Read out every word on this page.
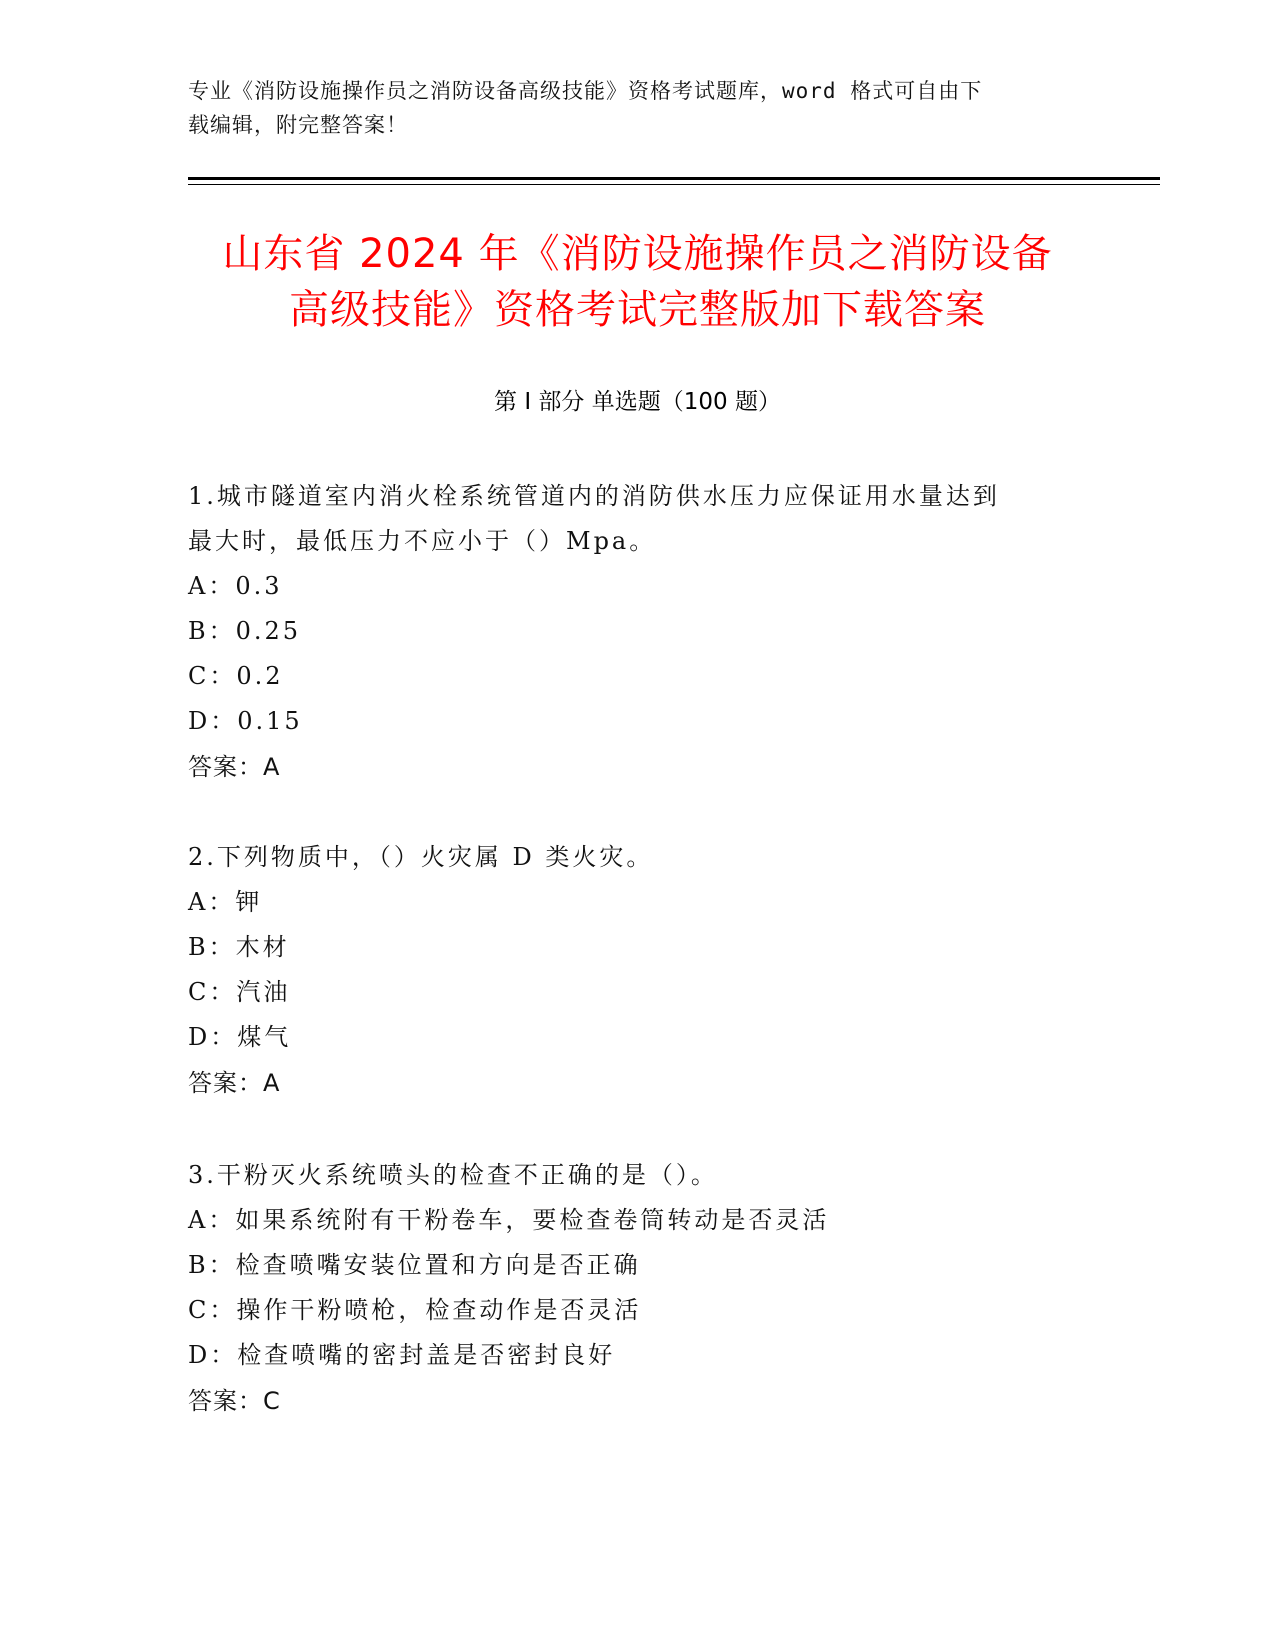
专业《消防设施操作员之消防设备高级技能》资格考试题库，word 格式可自由下
载编辑，附完整答案！
山东省 2024 年《消防设施操作员之消防设备
高级技能》资格考试完整版加下载答案
第 I 部分 单选题（100 题）
1.城市隧道室内消火栓系统管道内的消防供水压力应保证用水量达到
最大时，最低压力不应小于（）Mpa。
A：0.3
B：0.25
C：0.2
D：0.15
答案：A
2.下列物质中，（）火灾属 D 类火灾。
A：钾
B：木材
C：汽油
D：煤气
答案：A
3.干粉灭火系统喷头的检查不正确的是（）。
A：如果系统附有干粉卷车，要检查卷筒转动是否灵活
B：检查喷嘴安装位置和方向是否正确
C：操作干粉喷枪，检查动作是否灵活
D：检查喷嘴的密封盖是否密封良好
答案：C
